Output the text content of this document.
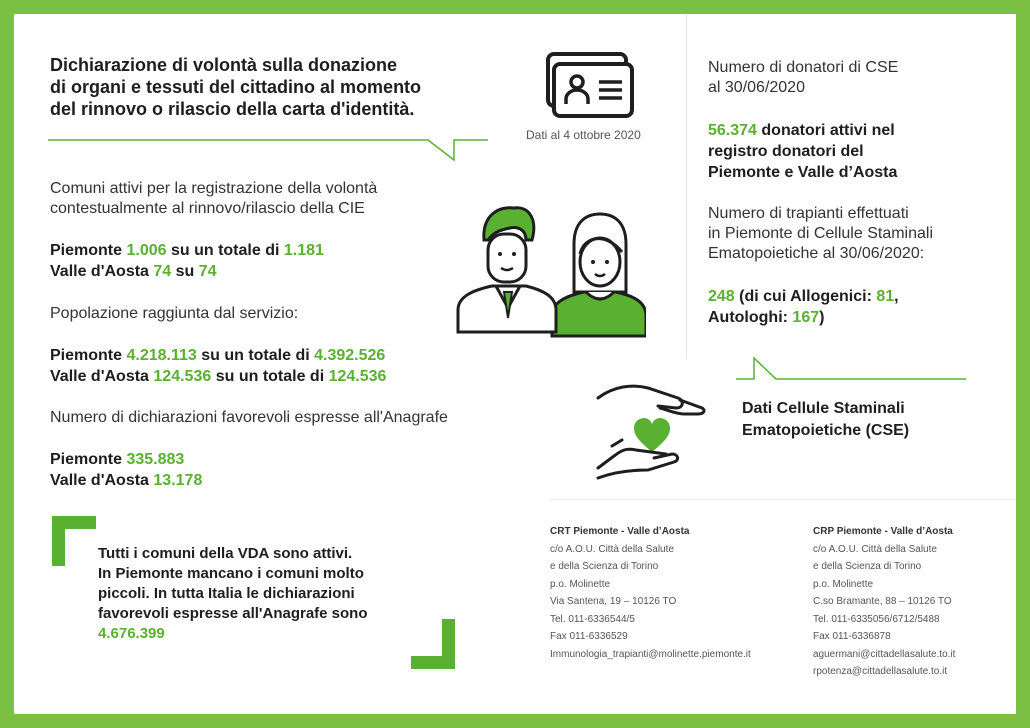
Dichiarazione di volontà sulla donazione
di organi e tessuti del cittadino al momento
del rinnovo o rilascio della carta d'identità.
Dati al 4 ottobre 2020
Comuni attivi per la registrazione della volontà
contestualmente al rinnovo/rilascio della CIE
Piemonte 1.006 su un totale di 1.181
Valle d'Aosta 74 su 74
Popolazione raggiunta dal servizio:
Piemonte 4.218.113 su un totale di 4.392.526
Valle d'Aosta 124.536 su un totale di 124.536
Numero di dichiarazioni favorevoli espresse all'Anagrafe
Piemonte 335.883
Valle d'Aosta 13.178
Numero di donatori di CSE
al 30/06/2020
56.374 donatori attivi nel
registro donatori del
Piemonte e Valle d’Aosta
Numero di trapianti effettuati
in Piemonte di Cellule Staminali
Ematopoietiche al 30/06/2020:
248 (di cui Allogenici: 81,
Autologhi: 167)
Dati Cellule Staminali
Ematopoietiche (CSE)
CRT Piemonte - Valle d’Aosta
c/o A.O.U. Città della Salute
e della Scienza di Torino
p.o. Molinette
Via Santena, 19 – 10126 TO
Tel. 011-6336544/5
Fax 011-6336529
Immunologia_trapianti@molinette.piemonte.it
CRP Piemonte - Valle d’Aosta
c/o A.O.U. Città della Salute
e della Scienza di Torino
p.o. Molinette
C.so Bramante, 88 – 10126 TO
Tel. 011-6335056/6712/5488
Fax 011-6336878
aguermani@cittadellasalute.to.it
rpotenza@cittadellasalute.to.it
Tutti i comuni della VDA sono attivi.
In Piemonte mancano i comuni molto
piccoli. In tutta Italia le dichiarazioni
favorevoli espresse all'Anagrafe sono
4.676.399
